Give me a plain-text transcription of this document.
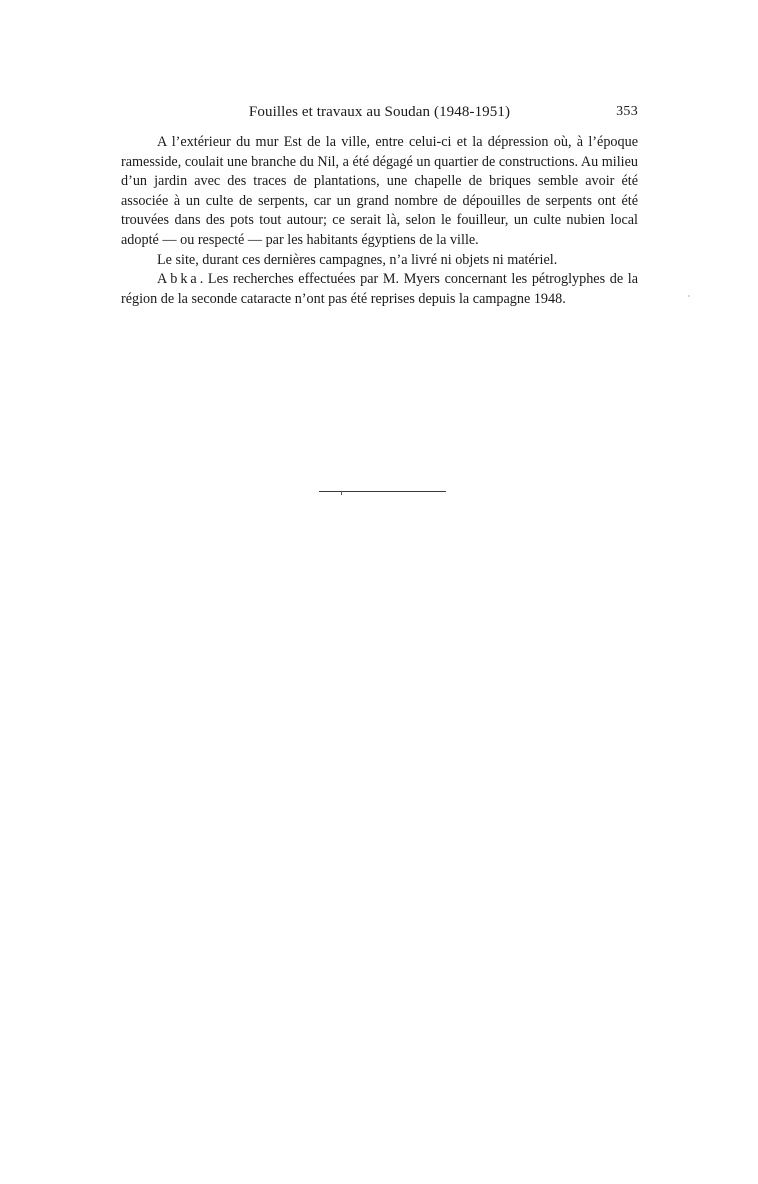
Fouilles et travaux au Soudan (1948-1951)	353

A l’extérieur du mur Est de la ville, entre celui-ci et la dépression où, à l’époque ramesside, coulait une branche du Nil, a été dégagé un quartier de constructions. Au milieu d’un jardin avec des traces de plantations, une chapelle de briques semble avoir été associée à un culte de serpents, car un grand nombre de dépouilles de serpents ont été trouvées dans des pots tout autour; ce serait là, selon le fouilleur, un culte nubien local adopté — ou respecté — par les habitants égyptiens de la ville.

Le site, durant ces dernières campagnes, n’a livré ni objets ni matériel.

Abka. Les recherches effectuées par M. Myers concernant les pétroglyphes de la région de la seconde cataracte n’ont pas été reprises depuis la campagne 1948.
